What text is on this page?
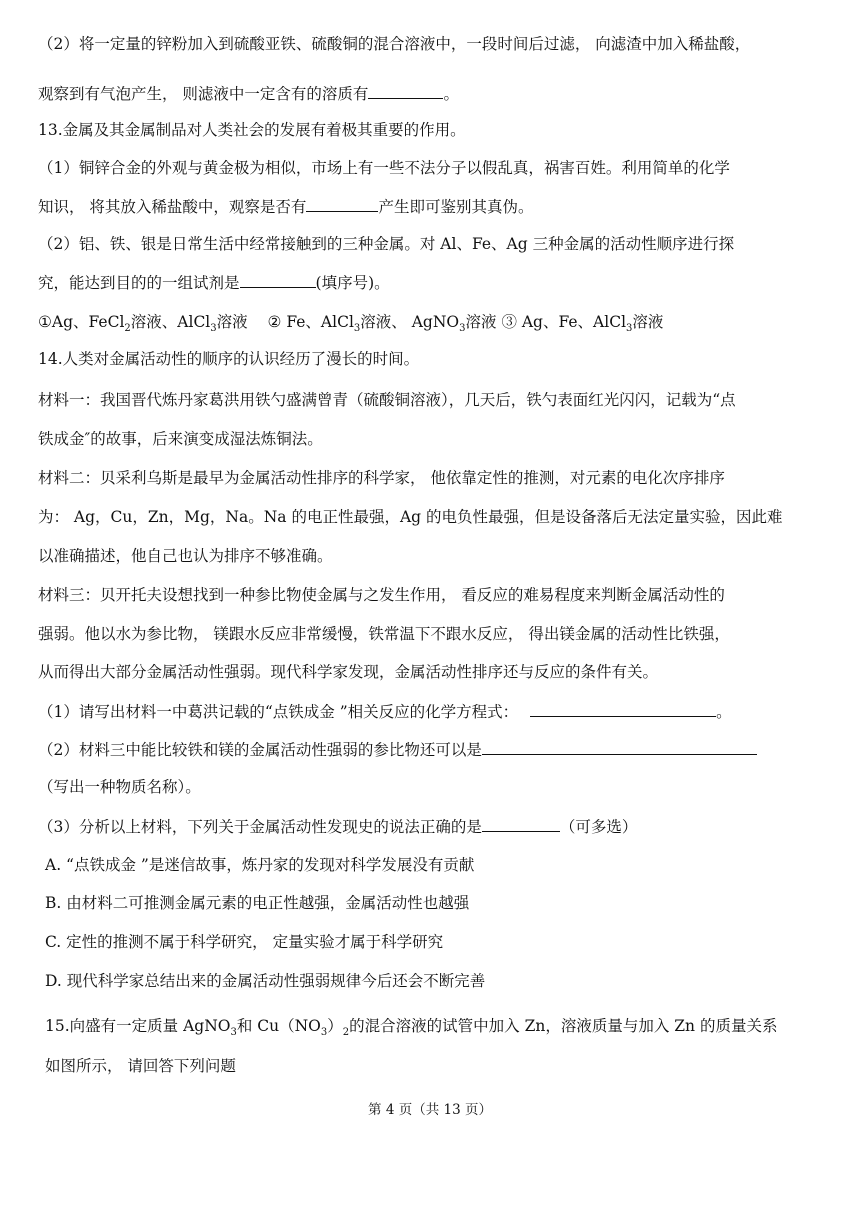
（2）将一定量的锌粉加入到硫酸亚铁、硫酸铜的混合溶液中，一段时间后过滤， 向滤渣中加入稀盐酸，
观察到有气泡产生， 则滤液中一定含有的溶质有	。
13.金属及其金属制品对人类社会的发展有着极其重要的作用。
（1）铜锌合金的外观与黄金极为相似，市场上有一些不法分子以假乱真，祸害百姓。利用简单的化学
知识， 将其放入稀盐酸中，观察是否有	产生即可鉴别其真伪。
（2）铝、铁、银是日常生活中经常接触到的三种金属。对 Al、Fe、Ag 三种金属的活动性顺序进行探
究，能达到目的的一组试剂是	(填序号)。
①Ag、FeCl$_2$溶液、AlCl$_3$溶液 ② Fe、AlCl$_3$溶液、 AgNO$_3$溶液 ③ Ag、Fe、AlCl$_3$溶液
14.人类对金属活动性的顺序的认识经历了漫长的时间。
材料一：我国晋代炼丹家葛洪用铁勺盛满曾青（硫酸铜溶液），几天后，铁勺表面红光闪闪，记载为“点
铁成金″的故事，后来演变成湿法炼铜法。
材料二：贝采利乌斯是最早为金属活动性排序的科学家， 他依靠定性的推测，对元素的电化次序排序
为： Ag，Cu，Zn，Mg，Na。Na 的电正性最强，Ag 的电负性最强，但是设备落后无法定量实验，因此难
以准确描述，他自己也认为排序不够准确。
材料三：贝开托夫设想找到一种参比物使金属与之发生作用， 看反应的难易程度来判断金属活动性的
强弱。他以水为参比物， 镁跟水反应非常缓慢，铁常温下不跟水反应， 得出镁金属的活动性比铁强，
从而得出大部分金属活动性强弱。现代科学家发现，金属活动性排序还与反应的条件有关。
（1）请写出材料一中葛洪记载的“点铁成金 ”相关反应的化学方程式：	。
（2）材料三中能比较铁和镁的金属活动性强弱的参比物还可以是
（写出一种物质名称）。
（3）分析以上材料，下列关于金属活动性发现史的说法正确的是	（可多选）
A. “点铁成金 ”是迷信故事，炼丹家的发现对科学发展没有贡献
B. 由材料二可推测金属元素的电正性越强，金属活动性也越强
C. 定性的推测不属于科学研究， 定量实验才属于科学研究
D. 现代科学家总结出来的金属活动性强弱规律今后还会不断完善
15.向盛有一定质量 AgNO$_3$和 $Cu(NO_3)_2$的混合溶液的试管中加入 Zn，溶液质量与加入 Zn 的质量关系
如图所示， 请回答下列问题
第 4 页（共 13 页）
